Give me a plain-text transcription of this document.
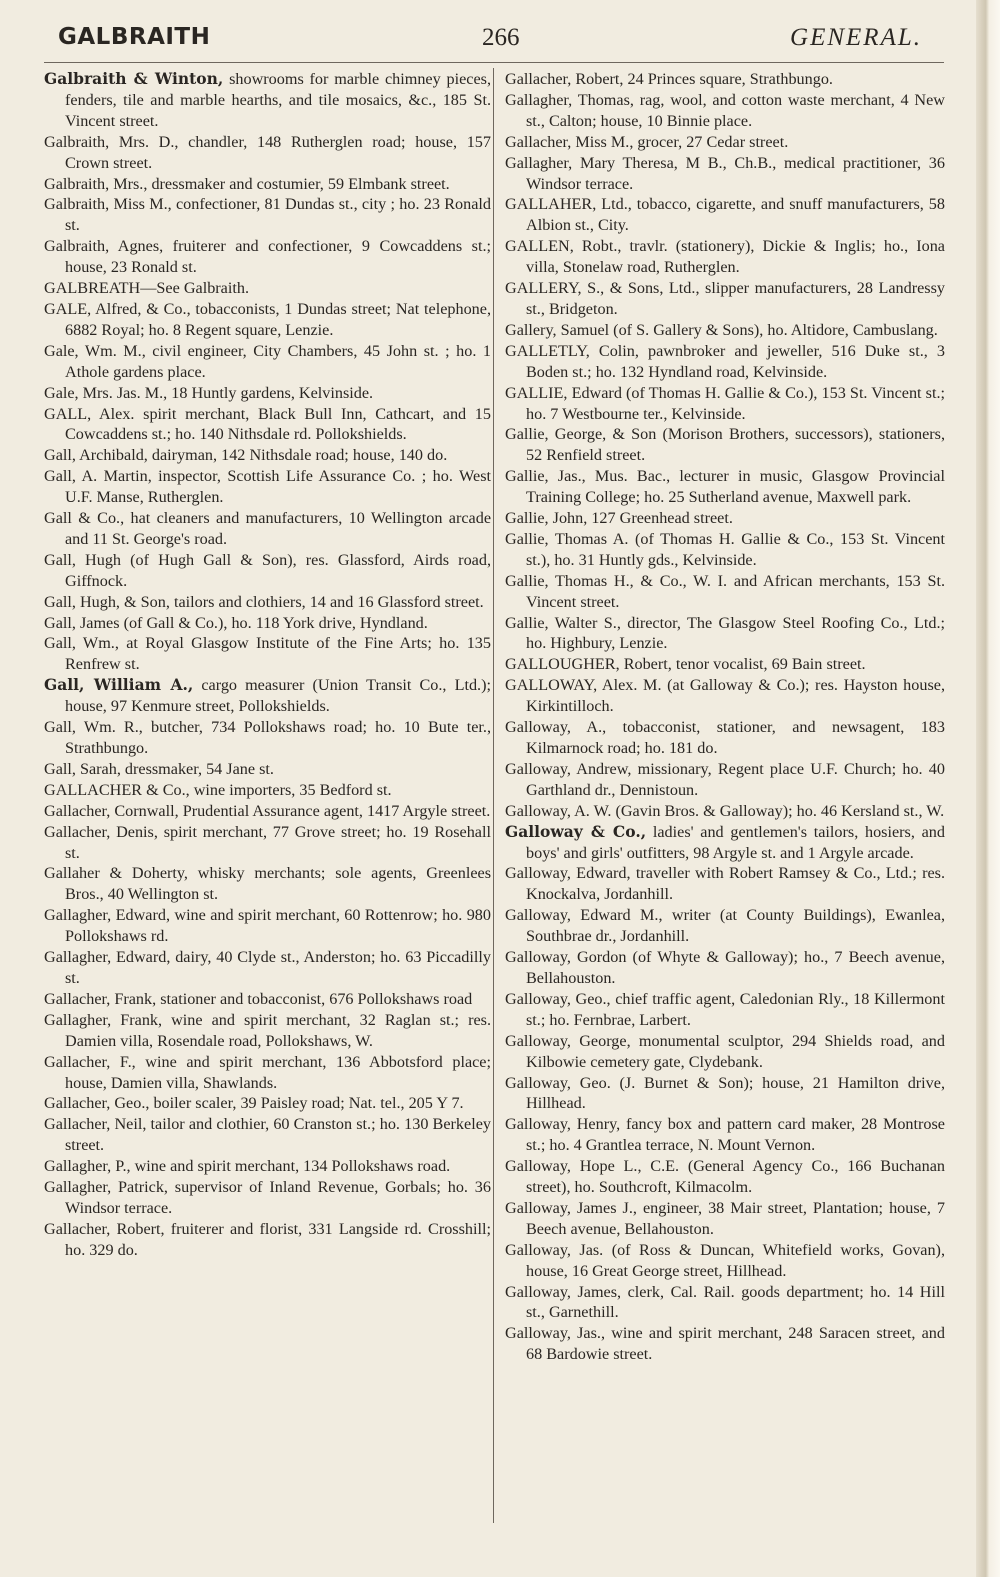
GALBRAITH	266	GENERAL.

Galbraith & Winton, showrooms for marble chimney pieces, fenders, tile and marble hearths, and tile mosaics, &c., 185 St. Vincent street.

Galbraith, Mrs. D., chandler, 148 Rutherglen road; house, 157 Crown street.

Galbraith, Mrs., dressmaker and costumier, 59 Elmbank street.

Galbraith, Miss M., confectioner, 81 Dundas st., city ; ho. 23 Ronald st.

Galbraith, Agnes, fruiterer and confectioner, 9 Cowcaddens st.; house, 23 Ronald st.

GALBREATH—See Galbraith.

GALE, Alfred, & Co., tobacconists, 1 Dundas street; Nat telephone, 6882 Royal; ho. 8 Regent square, Lenzie.

Gale, Wm. M., civil engineer, City Chambers, 45 John st. ; ho. 1 Athole gardens place.

Gale, Mrs. Jas. M., 18 Huntly gardens, Kelvinside.

GALL, Alex. spirit merchant, Black Bull Inn, Cathcart, and 15 Cowcaddens st.; ho. 140 Nithsdale rd. Pollokshields.

Gall, Archibald, dairyman, 142 Nithsdale road; house, 140 do.

Gall, A. Martin, inspector, Scottish Life Assurance Co. ; ho. West U.F. Manse, Rutherglen.

Gall & Co., hat cleaners and manufacturers, 10 Wellington arcade and 11 St. George's road.

Gall, Hugh (of Hugh Gall & Son), res. Glassford, Airds road, Giffnock.

Gall, Hugh, & Son, tailors and clothiers, 14 and 16 Glassford street.

Gall, James (of Gall & Co.), ho. 118 York drive, Hyndland.

Gall, Wm., at Royal Glasgow Institute of the Fine Arts; ho. 135 Renfrew st.

Gall, William A., cargo measurer (Union Transit Co., Ltd.); house, 97 Kenmure street, Pollokshields.

Gall, Wm. R., butcher, 734 Pollokshaws road; ho. 10 Bute ter., Strathbungo.

Gall, Sarah, dressmaker, 54 Jane st.

GALLACHER & Co., wine importers, 35 Bedford st.

Gallacher, Cornwall, Prudential Assurance agent, 1417 Argyle street.

Gallacher, Denis, spirit merchant, 77 Grove street; ho. 19 Rosehall st.

Gallaher & Doherty, whisky merchants; sole agents, Greenlees Bros., 40 Wellington st.

Gallagher, Edward, wine and spirit merchant, 60 Rottenrow; ho. 980 Pollokshaws rd.

Gallagher, Edward, dairy, 40 Clyde st., Anderston; ho. 63 Piccadilly st.

Gallacher, Frank, stationer and tobacconist, 676 Pollokshaws road

Gallagher, Frank, wine and spirit merchant, 32 Raglan st.; res. Damien villa, Rosendale road, Pollokshaws, W.

Gallacher, F., wine and spirit merchant, 136 Abbotsford place; house, Damien villa, Shawlands.

Gallacher, Geo., boiler scaler, 39 Paisley road; Nat. tel., 205 Y 7.

Gallacher, Neil, tailor and clothier, 60 Cranston st.; ho. 130 Berkeley street.

Gallagher, P., wine and spirit merchant, 134 Pollokshaws road.

Gallagher, Patrick, supervisor of Inland Revenue, Gorbals; ho. 36 Windsor terrace.

Gallacher, Robert, fruiterer and florist, 331 Langside rd. Crosshill; ho. 329 do.

Gallacher, Robert, 24 Princes square, Strathbungo.

Gallagher, Thomas, rag, wool, and cotton waste merchant, 4 New st., Calton; house, 10 Binnie place.

Gallacher, Miss M., grocer, 27 Cedar street.

Gallagher, Mary Theresa, M B., Ch.B., medical practitioner, 36 Windsor terrace.

GALLAHER, Ltd., tobacco, cigarette, and snuff manufacturers, 58 Albion st., City.

GALLEN, Robt., travlr. (stationery), Dickie & Inglis; ho., Iona villa, Stonelaw road, Rutherglen.

GALLERY, S., & Sons, Ltd., slipper manufacturers, 28 Landressy st., Bridgeton.

Gallery, Samuel (of S. Gallery & Sons), ho. Altidore, Cambuslang.

GALLETLY, Colin, pawnbroker and jeweller, 516 Duke st., 3 Boden st.; ho. 132 Hyndland road, Kelvinside.

GALLIE, Edward (of Thomas H. Gallie & Co.), 153 St. Vincent st.; ho. 7 Westbourne ter., Kelvinside.

Gallie, George, & Son (Morison Brothers, successors), stationers, 52 Renfield street.

Gallie, Jas., Mus. Bac., lecturer in music, Glasgow Provincial Training College; ho. 25 Sutherland avenue, Maxwell park.

Gallie, John, 127 Greenhead street.

Gallie, Thomas A. (of Thomas H. Gallie & Co., 153 St. Vincent st.), ho. 31 Huntly gds., Kelvinside.

Gallie, Thomas H., & Co., W. I. and African merchants, 153 St. Vincent street.

Gallie, Walter S., director, The Glasgow Steel Roofing Co., Ltd.; ho. Highbury, Lenzie.

GALLOUGHER, Robert, tenor vocalist, 69 Bain street.

GALLOWAY, Alex. M. (at Galloway & Co.); res. Hayston house, Kirkintilloch.

Galloway, A., tobacconist, stationer, and newsagent, 183 Kilmarnock road; ho. 181 do.

Galloway, Andrew, missionary, Regent place U.F. Church; ho. 40 Garthland dr., Dennistoun.

Galloway, A. W. (Gavin Bros. & Galloway); ho. 46 Kersland st., W.

Galloway & Co., ladies' and gentlemen's tailors, hosiers, and boys' and girls' outfitters, 98 Argyle st. and 1 Argyle arcade.

Galloway, Edward, traveller with Robert Ramsey & Co., Ltd.; res. Knockalva, Jordanhill.

Galloway, Edward M., writer (at County Buildings), Ewanlea, Southbrae dr., Jordanhill.

Galloway, Gordon (of Whyte & Galloway); ho., 7 Beech avenue, Bellahouston.

Galloway, Geo., chief traffic agent, Caledonian Rly., 18 Killermont st.; ho. Fernbrae, Larbert.

Galloway, George, monumental sculptor, 294 Shields road, and Kilbowie cemetery gate, Clydebank.

Galloway, Geo. (J. Burnet & Son); house, 21 Hamilton drive, Hillhead.

Galloway, Henry, fancy box and pattern card maker, 28 Montrose st.; ho. 4 Grantlea terrace, N. Mount Vernon.

Galloway, Hope L., C.E. (General Agency Co., 166 Buchanan street), ho. Southcroft, Kilmacolm.

Galloway, James J., engineer, 38 Mair street, Plantation; house, 7 Beech avenue, Bellahouston.

Galloway, Jas. (of Ross & Duncan, Whitefield works, Govan), house, 16 Great George street, Hillhead.

Galloway, James, clerk, Cal. Rail. goods department; ho. 14 Hill st., Garnethill.

Galloway, Jas., wine and spirit merchant, 248 Saracen street, and 68 Bardowie street.
